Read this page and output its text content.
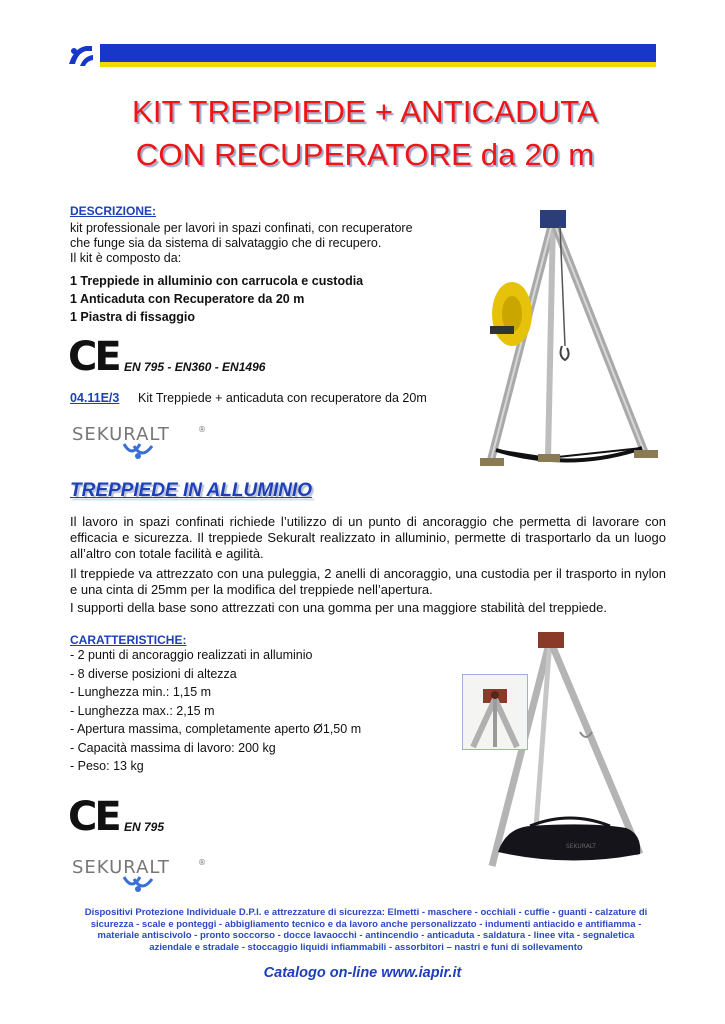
KIT TREPPIEDE + ANTICADUTA
CON RECUPERATORE da 20 m
DESCRIZIONE:
kit professionale per lavori in spazi confinati, con recuperatore
che funge sia da sistema di salvataggio che di recupero.
Il kit è composto da:
1 Treppiede in alluminio con carrucola e custodia
1 Anticaduta con Recuperatore da 20 m
1 Piastra di fissaggio
CE EN 795 - EN360 - EN1496
04.11E/3 Kit Treppiede + anticaduta con recuperatore da 20m
SEKURALT	®
TREPPIEDE IN ALLUMINIO
Il lavoro in spazi confinati richiede l’utilizzo di un punto di ancoraggio che permetta di lavorare con efficacia e sicurezza. Il treppiede Sekuralt realizzato in alluminio, permette di trasportarlo da un luogo all’altro con totale facilità e agilità.
Il treppiede va attrezzato con una puleggia, 2 anelli di ancoraggio, una custodia per il trasporto in nylon e una cinta di 25mm per la modifica del treppiede nell’apertura.
I supporti della base sono attrezzati con una gomma per una maggiore stabilità del treppiede.
CARATTERISTICHE:
- 2 punti di ancoraggio realizzati in alluminio
- 8 diverse posizioni di altezza
- Lunghezza min.: 1,15 m
- Lunghezza max.: 2,15 m
- Apertura massima, completamente aperto Ø1,50 m
- Capacità massima di lavoro: 200 kg
- Peso: 13 kg
CE EN 795
SEKURALT	®
SEKURALT
Dispositivi Protezione Individuale D.P.I. e attrezzature di sicurezza: Elmetti - maschere - occhiali - cuffie - guanti - calzature di
sicurezza - scale e ponteggi - abbigliamento tecnico e da lavoro anche personalizzato - indumenti antiacido e antifiamma -
materiale antiscivolo - pronto soccorso - docce lavaocchi - antincendio - anticaduta - saldatura - linee vita - segnaletica
aziendale e stradale - stoccaggio liquidi infiammabili - assorbitori – nastri e funi di sollevamento
Catalogo on-line www.iapir.it
